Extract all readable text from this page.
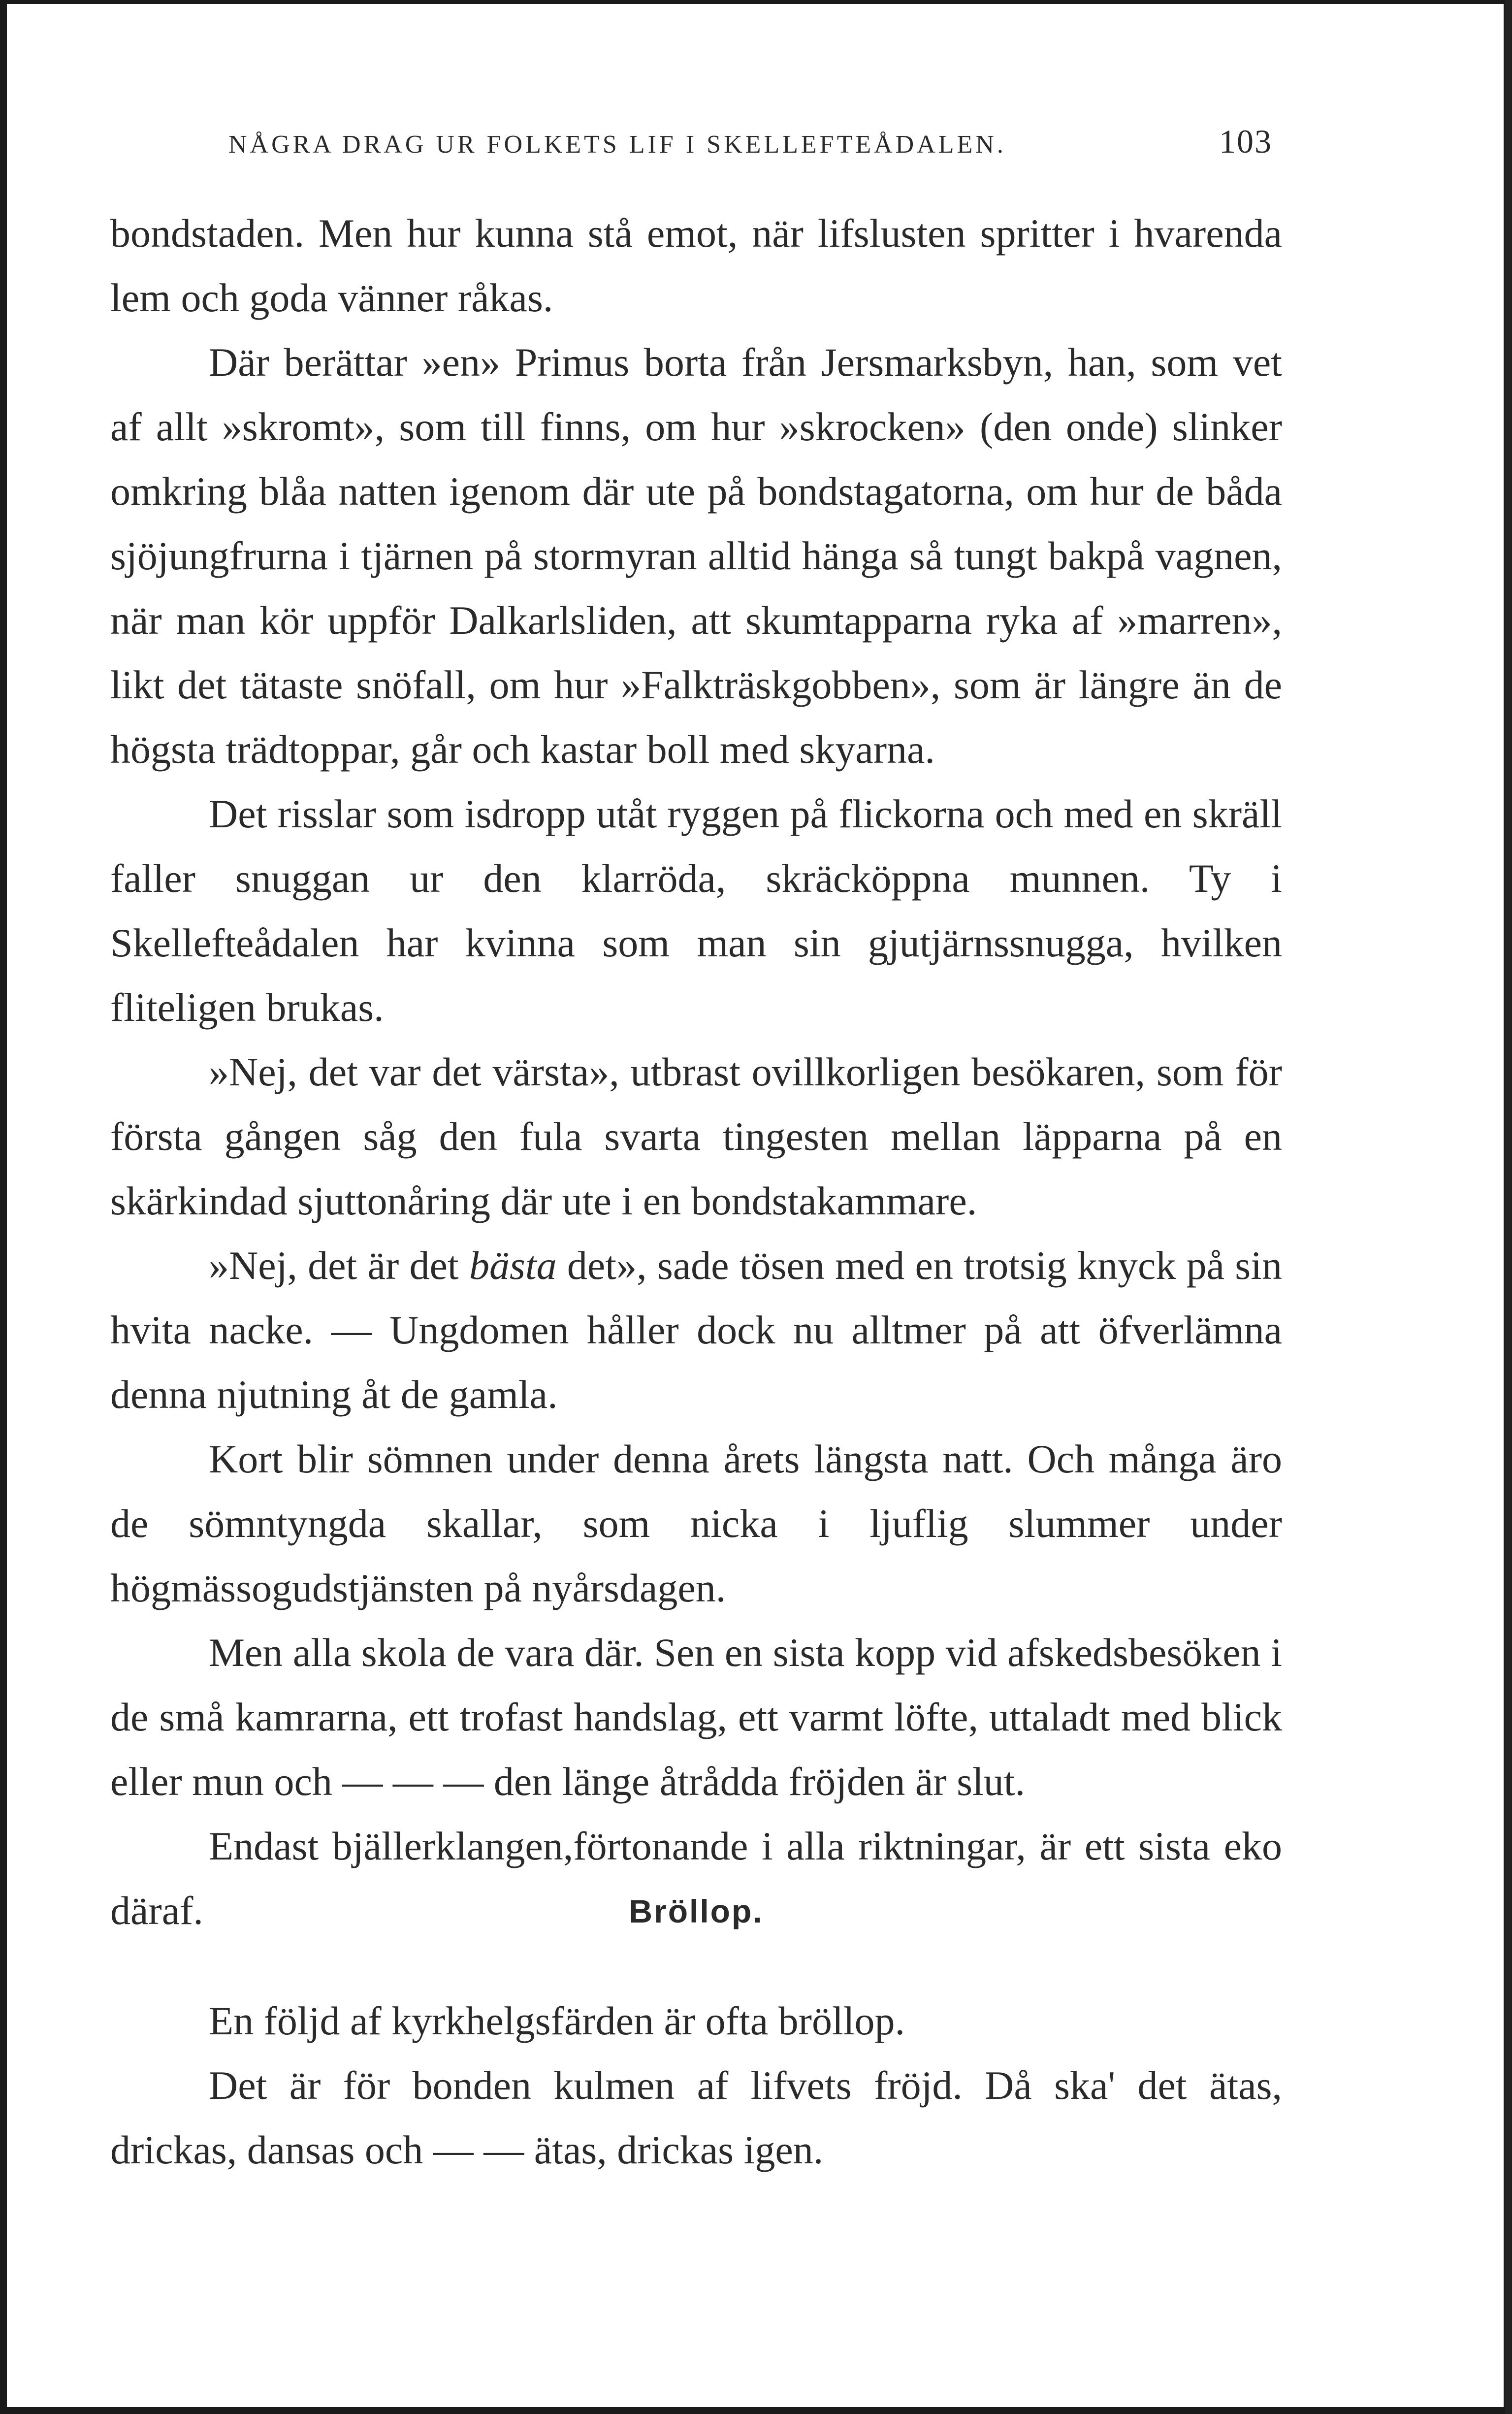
NÅGRA DRAG UR FOLKETS LIF I SKELLEFTEÅDALEN.	103

bondstaden. Men hur kunna stå emot, när lifslusten spritter i hvarenda lem och goda vänner råkas.

Där berättar »en» Primus borta från Jersmarksbyn, han, som vet af allt »skromt», som till finns, om hur »skrocken» (den onde) slinker omkring blåa natten igenom där ute på bondstagatorna, om hur de båda sjöjungfrurna i tjärnen på stormyran alltid hänga så tungt bakpå vagnen, när man kör uppför Dalkarlsliden, att skumtapparna ryka af »marren», likt det tätaste snöfall, om hur »Falkträskgobben», som är längre än de högsta trädtoppar, går och kastar boll med skyarna.

Det risslar som isdropp utåt ryggen på flickorna och med en skräll faller snuggan ur den klarröda, skräcköppna munnen. Ty i Skellefteådalen har kvinna som man sin gjutjärnssnugga, hvilken fliteligen brukas.

»Nej, det var det värsta», utbrast ovillkorligen besökaren, som för första gången såg den fula svarta tingesten mellan läpparna på en skärkindad sjuttonåring där ute i en bondstakammare.

»Nej, det är det bästa det», sade tösen med en trotsig knyck på sin hvita nacke. — Ungdomen håller dock nu alltmer på att öfverlämna denna njutning åt de gamla.

Kort blir sömnen under denna årets längsta natt. Och många äro de sömntyngda skallar, som nicka i ljuflig slummer under högmässogudstjänsten på nyårsdagen.

Men alla skola de vara där. Sen en sista kopp vid afskedsbesöken i de små kamrarna, ett trofast handslag, ett varmt löfte, uttaladt med blick eller mun och — — — den länge åtrådda fröjden är slut.

Endast bjällerklangen,förtonande i alla riktningar, är ett sista eko däraf.	Bröllop.

En följd af kyrkhelgsfärden är ofta bröllop.

Det är för bonden kulmen af lifvets fröjd. Då ska' det ätas, drickas, dansas och — — ätas, drickas igen.
